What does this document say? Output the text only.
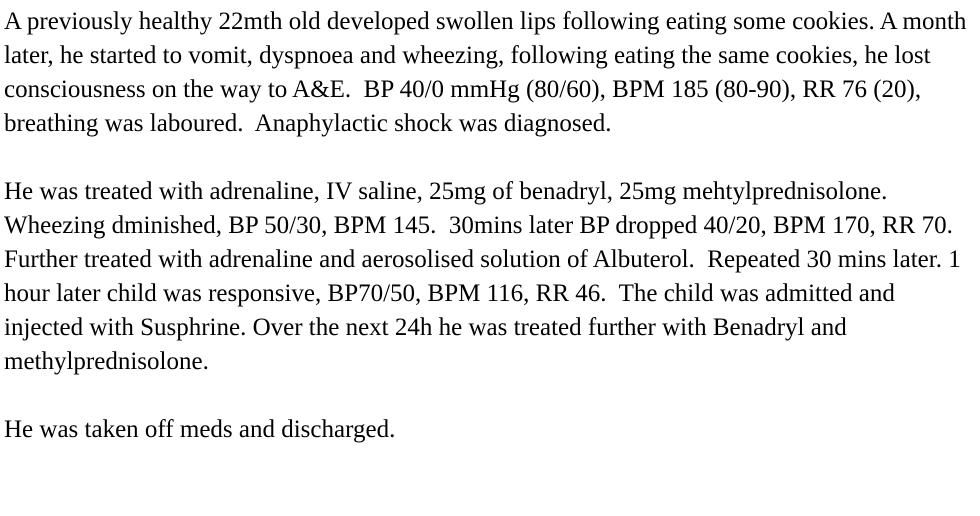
A previously healthy 22mth old developed swollen lips following eating some cookies. A month later, he started to vomit, dyspnoea and wheezing, following eating the same cookies, he lost consciousness on the way to A&E.  BP 40/0 mmHg (80/60), BPM 185 (80-90), RR 76 (20), breathing was laboured.  Anaphylactic shock was diagnosed.

He was treated with adrenaline, IV saline, 25mg of benadryl, 25mg mehtylprednisolone. Wheezing dminished, BP 50/30, BPM 145.  30mins later BP dropped 40/20, BPM 170, RR 70. Further treated with adrenaline and aerosolised solution of Albuterol.  Repeated 30 mins later. 1 hour later child was responsive, BP70/50, BPM 116, RR 46.  The child was admitted and injected with Susphrine. Over the next 24h he was treated further with Benadryl and methylprednisolone.

He was taken off meds and discharged.
